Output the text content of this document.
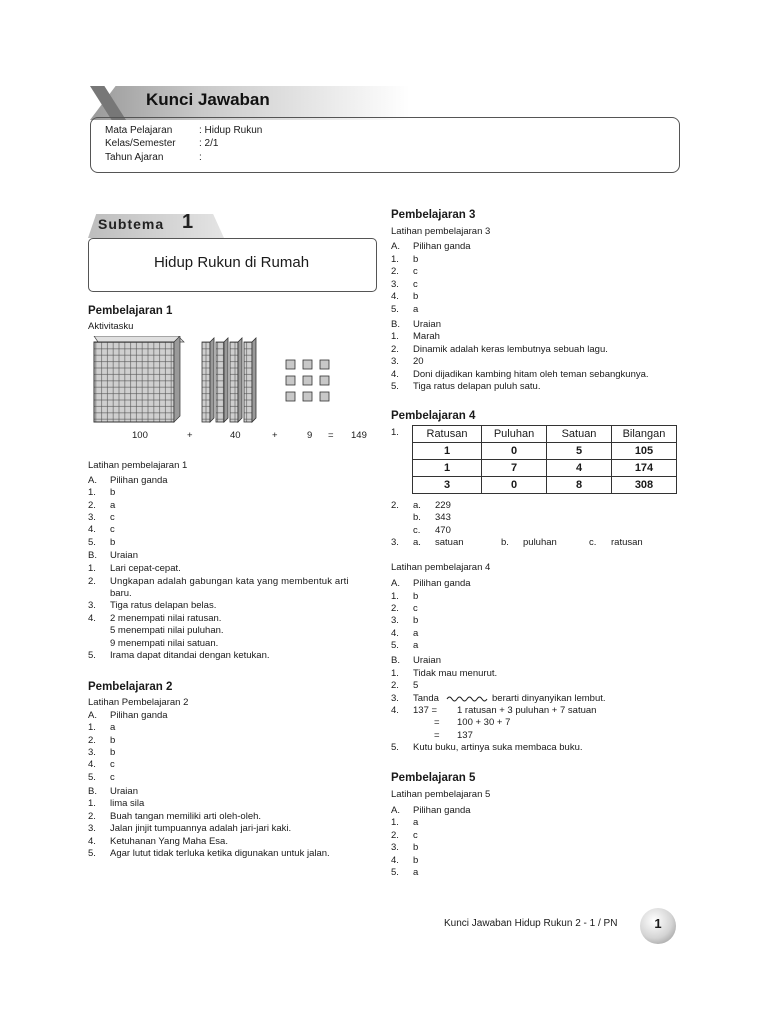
Kunci Jawaban
Mata Pelajaran	: Hidup Rukun
Kelas/Semester : 2/1
Tahun Ajaran	:
Subtema 1
Hidup Rukun di Rumah
Pembelajaran 1
Aktivitasku
100	+	40	+	9 = 149
Latihan pembelajaran 1
A. Pilihan ganda
1. b
2. a
3. c
4. c
5. b
B. Uraian
1. Lari cepat-cepat.
2. Ungkapan adalah gabungan kata yang membentuk arti
baru.
3. Tiga ratus delapan belas.
4. 2 menempati nilai ratusan.
5 menempati nilai puluhan.
9 menempati nilai satuan.
5. Irama dapat ditandai dengan ketukan.
Pembelajaran 2
Latihan Pembelajaran 2
A. Pilihan ganda
1. a
2. b
3. b
4. c
5. c
B. Uraian
1. lima sila
2. Buah tangan memiliki arti oleh-oleh.
3. Jalan jinjit tumpuannya adalah jari-jari kaki.
4. Ketuhanan Yang Maha Esa.
5. Agar lutut tidak terluka ketika digunakan untuk jalan.
Pembelajaran 3
Latihan pembelajaran 3
A. Pilihan ganda
1. b
2. c
3. c
4. b
5. a
B. Uraian
1. Marah
2. Dinamik adalah keras lembutnya sebuah lagu.
3. 20
4. Doni dijadikan kambing hitam oleh teman sebangkunya.
5. Tiga ratus delapan puluh satu.
Pembelajaran 4
1.	Ratusan	Puluhan	Satuan	Bilangan
1	0	5	105
1	7	4	174
3	0	8	308
2. a. 229
b. 343
c. 470
3. a. satuan	b. puluhan	c. ratusan
Latihan pembelajaran 4
A. Pilihan ganda
1. b
2. c
3. b
4. a
5. a
B. Uraian
1. Tidak mau menurut.
2. 5
3. Tanda	berarti dinyanyikan lembut.
4. 137 = 1 ratusan + 3 puluhan + 7 satuan
= 100 + 30 + 7
= 137
5. Kutu buku, artinya suka membaca buku.
Pembelajaran 5
Latihan pembelajaran 5
A. Pilihan ganda
1. a
2. c
3. b
4. b
5. a
Kunci Jawaban Hidup Rukun 2 - 1 / PN	1
